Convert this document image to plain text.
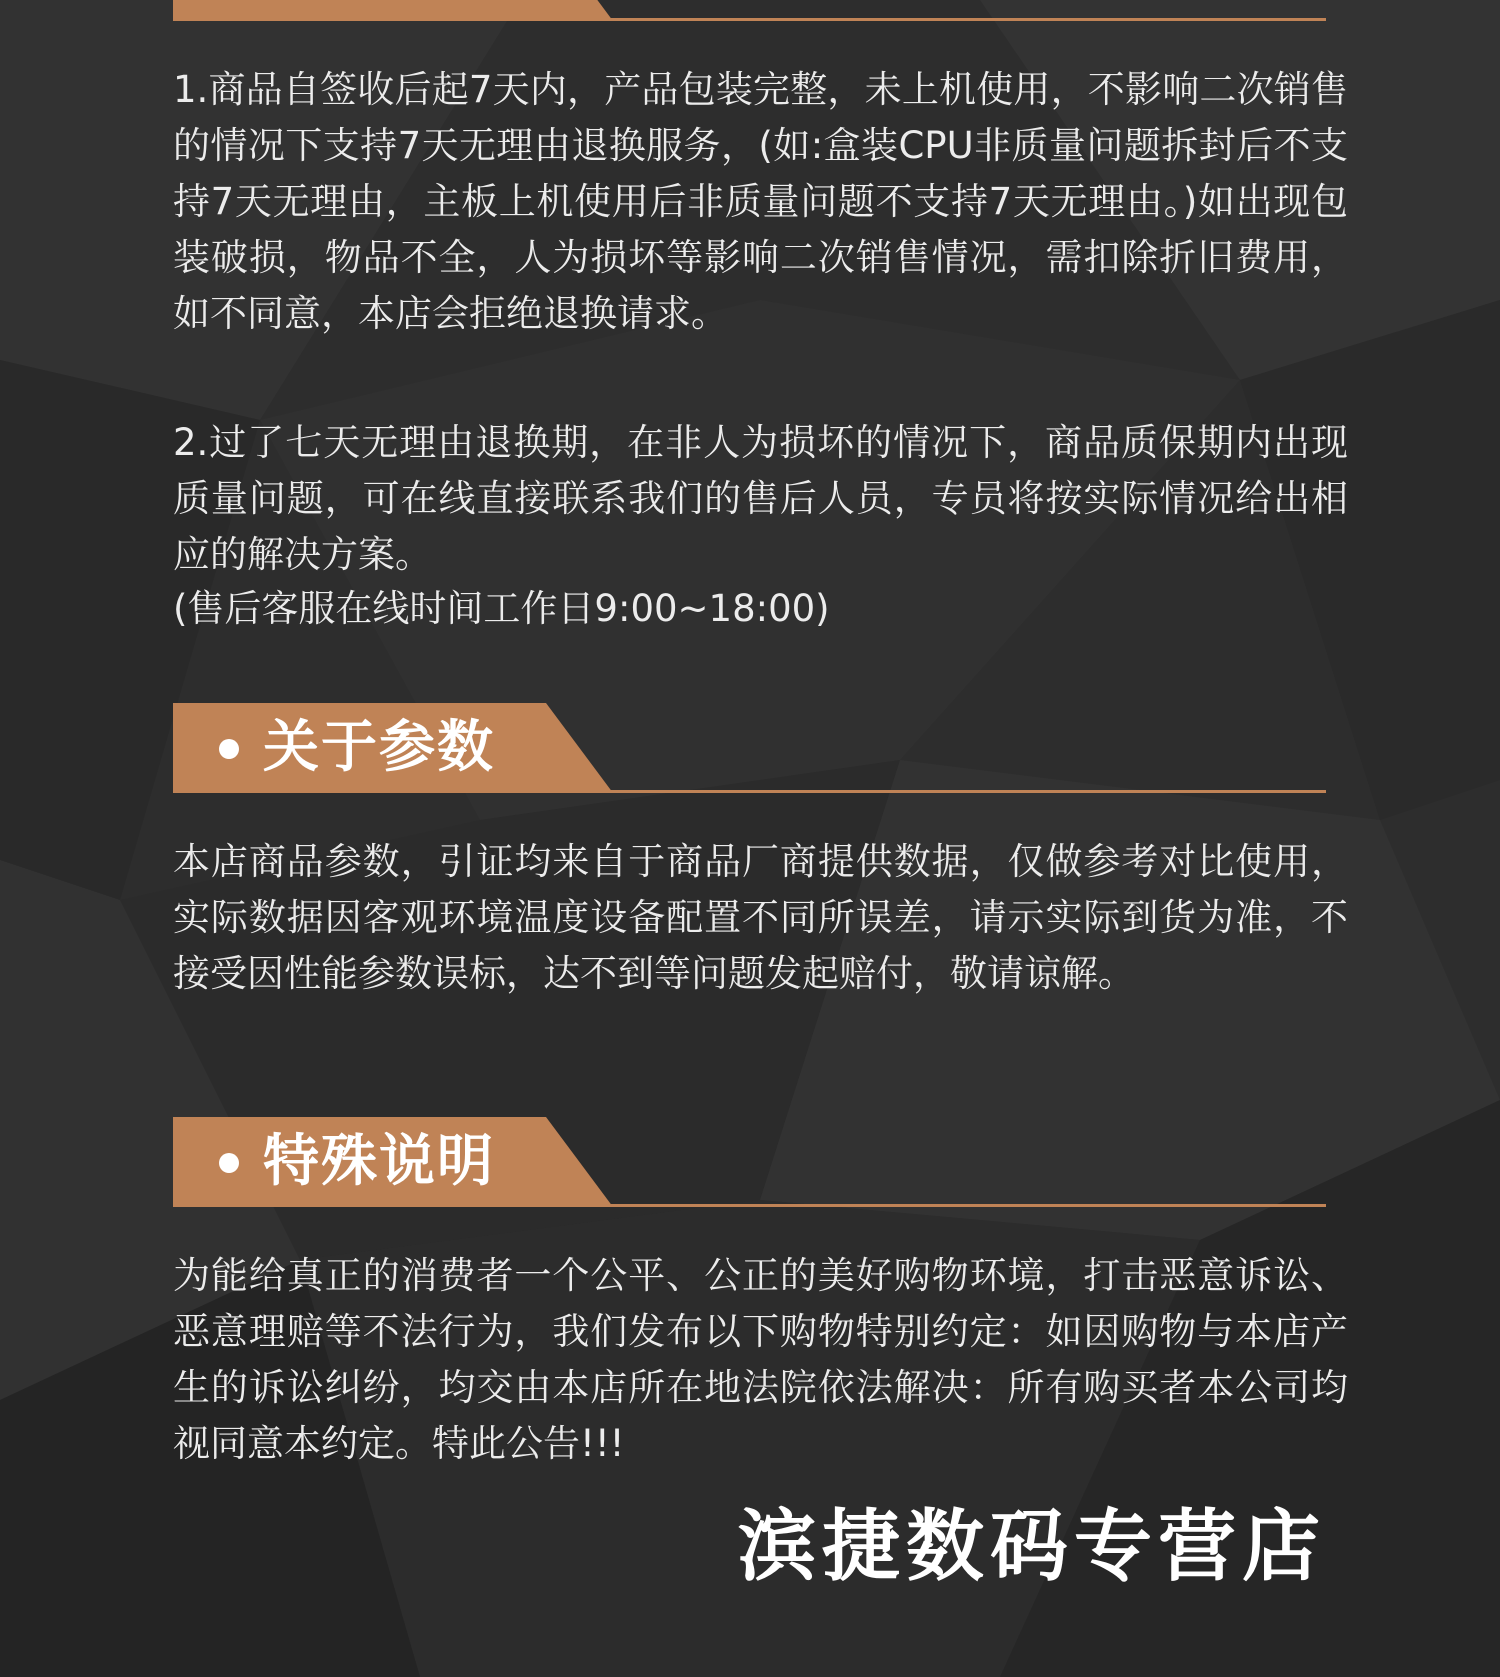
1.商品自签收后起7天内，产品包装完整，未上机使用，不影响二次销售的情况下支持7天无理由退换服务，(如:盒装CPU非质量问题拆封后不支持7天无理由，主板上机使用后非质量问题不支持7天无理由。)如出现包装破损，物品不全，人为损坏等影响二次销售情况，需扣除折旧费用，如不同意，本店会拒绝退换请求。

2.过了七天无理由退换期，在非人为损坏的情况下，商品质保期内出现质量问题，可在线直接联系我们的售后人员，专员将按实际情况给出相应的解决方案。

(售后客服在线时间工作日9:00~18:00)

关于参数

本店商品参数，引证均来自于商品厂商提供数据，仅做参考对比使用，实际数据因客观环境温度设备配置不同所误差，请示实际到货为准，不接受因性能参数误标，达不到等问题发起赔付，敬请谅解。

特殊说明

为能给真正的消费者一个公平、公正的美好购物环境，打击恶意诉讼、恶意理赔等不法行为，我们发布以下购物特别约定：如因购物与本店产生的诉讼纠纷，均交由本店所在地法院依法解决：所有购买者本公司均视同意本约定。特此公告!!!

滨捷数码专营店
